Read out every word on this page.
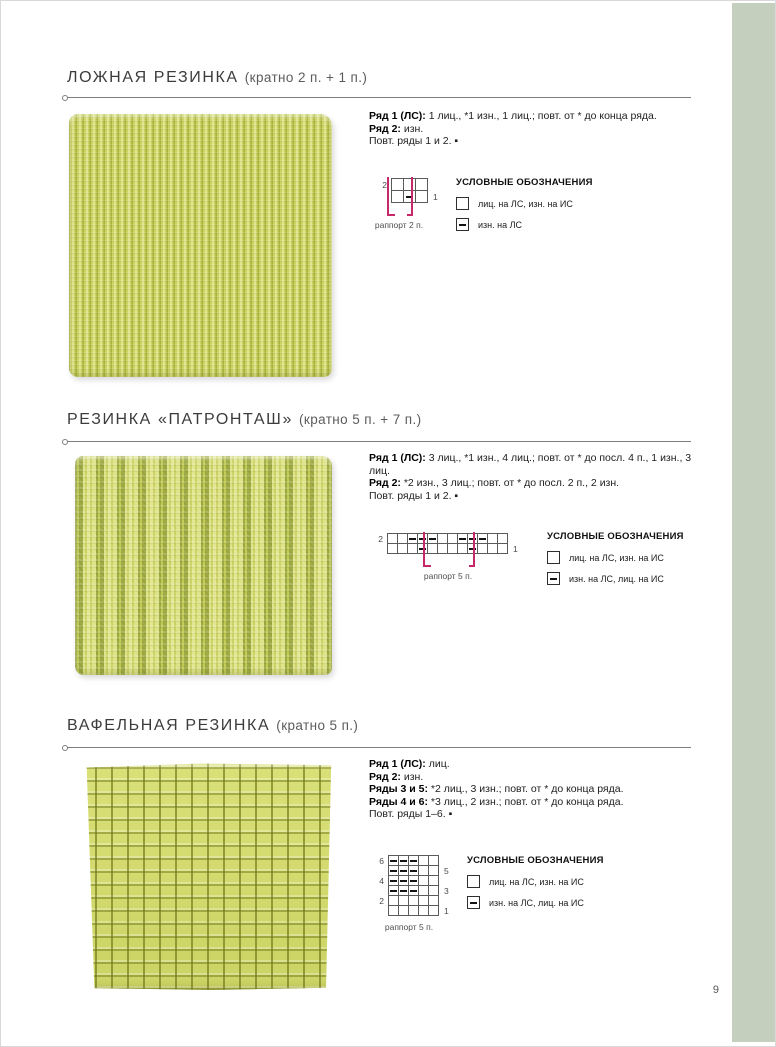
ЛОЖНАЯ РЕЗИНКА (кратно 2 п. + 1 п.)

Ряд 1 (ЛС): 1 лиц., *1 изн., 1 лиц.; повт. от * до конца ряда.

Ряд 2: изн.

Повт. ряды 1 и 2. ▪

2
1
раппорт 2 п.
УСЛОВНЫЕ ОБОЗНАЧЕНИЯ
лиц. на ЛС, изн. на ИС
изн. на ЛС
РЕЗИНКА «ПАТРОНТАШ» (кратно 5 п. + 7 п.)

Ряд 1 (ЛС): 3 лиц., *1 изн., 4 лиц.; повт. от * до посл. 4 п., 1 изн., 3 лиц.

Ряд 2: *2 изн., 3 лиц.; повт. от * до посл. 2 п., 2 изн.

Повт. ряды 1 и 2. ▪

2
1
раппорт 5 п.
УСЛОВНЫЕ ОБОЗНАЧЕНИЯ
лиц. на ЛС, изн. на ИС
изн. на ЛС, лиц. на ИС
ВАФЕЛЬНАЯ РЕЗИНКА (кратно 5 п.)

Ряд 1 (ЛС): лиц.

Ряд 2: изн.

Ряды 3 и 5: *2 лиц., 3 изн.; повт. от * до конца ряда.

Ряды 4 и 6: *3 лиц., 2 изн.; повт. от * до конца ряда.

Повт. ряды 1–6. ▪

6
5
4
3
2
1
раппорт 5 п.
УСЛОВНЫЕ ОБОЗНАЧЕНИЯ
лиц. на ЛС, изн. на ИС
изн. на ЛС, лиц. на ИС
9
